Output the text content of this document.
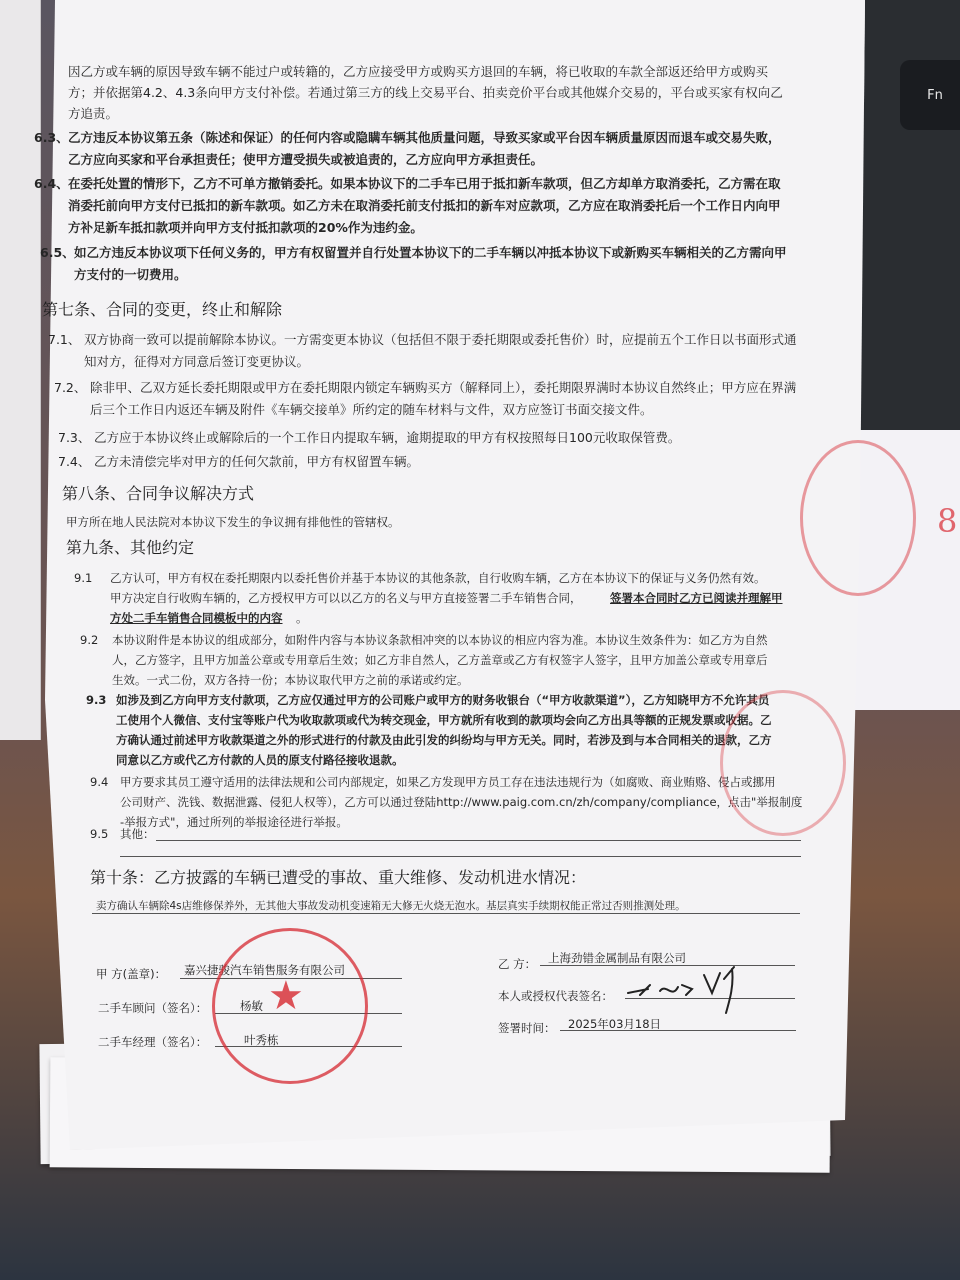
Fn
8
因乙方或车辆的原因导致车辆不能过户或转籍的，乙方应接受甲方或购买方退回的车辆，将已收取的车款全部返还给甲方或购买
方；并依据第4.2、4.3条向甲方支付补偿。若通过第三方的线上交易平台、拍卖竞价平台或其他媒介交易的，平台或买家有权向乙
方追责。
6.3、 乙方违反本协议第五条（陈述和保证）的任何内容或隐瞒车辆其他质量问题，导致买家或平台因车辆质量原因而退车或交易失败，
乙方应向买家和平台承担责任；使甲方遭受损失或被追责的，乙方应向甲方承担责任。
6.4、 在委托处置的情形下，乙方不可单方撤销委托。如果本协议下的二手车已用于抵扣新车款项，但乙方却单方取消委托，乙方需在取
消委托前向甲方支付已抵扣的新车款项。如乙方未在取消委托前支付抵扣的新车对应款项，乙方应在取消委托后一个工作日内向甲
方补足新车抵扣款项并向甲方支付抵扣款项的20%作为违约金。
6.5、 如乙方违反本协议项下任何义务的，甲方有权留置并自行处置本协议下的二手车辆以冲抵本协议下或新购买车辆相关的乙方需向甲
方支付的一切费用。
第七条、合同的变更，终止和解除
7.1、 双方协商一致可以提前解除本协议。一方需变更本协议（包括但不限于委托期限或委托售价）时，应提前五个工作日以书面形式通
知对方，征得对方同意后签订变更协议。
7.2、 除非甲、乙双方延长委托期限或甲方在委托期限内锁定车辆购买方（解释同上），委托期限界满时本协议自然终止；甲方应在界满
后三个工作日内返还车辆及附件《车辆交接单》所约定的随车材料与文件，双方应签订书面交接文件。
7.3、 乙方应于本协议终止或解除后的一个工作日内提取车辆，逾期提取的甲方有权按照每日100元收取保管费。
7.4、 乙方未清偿完毕对甲方的任何欠款前，甲方有权留置车辆。
第八条、合同争议解决方式
甲方所在地人民法院对本协议下发生的争议拥有排他性的管辖权。
第九条、其他约定
9.1 乙方认可，甲方有权在委托期限内以委托售价并基于本协议的其他条款，自行收购车辆，乙方在本协议下的保证与义务仍然有效。
甲方决定自行收购车辆的，乙方授权甲方可以以乙方的名义与甲方直接签署二手车销售合同， 签署本合同时乙方已阅读并理解甲
方处二手车销售合同模板中的内容 。
9.2 本协议附件是本协议的组成部分，如附件内容与本协议条款相冲突的以本协议的相应内容为准。本协议生效条件为：如乙方为自然
人，乙方签字，且甲方加盖公章或专用章后生效；如乙方非自然人，乙方盖章或乙方有权签字人签字，且甲方加盖公章或专用章后
生效。一式二份，双方各持一份；本协议取代甲方之前的承诺或约定。
9.3 如涉及到乙方向甲方支付款项，乙方应仅通过甲方的公司账户或甲方的财务收银台（“甲方收款渠道”），乙方知晓甲方不允许其员
工使用个人微信、支付宝等账户代为收取款项或代为转交现金，甲方就所有收到的款项均会向乙方出具等额的正规发票或收据。乙
方确认通过前述甲方收款渠道之外的形式进行的付款及由此引发的纠纷均与甲方无关。同时，若涉及到与本合同相关的退款，乙方
同意以乙方或代乙方付款的人员的原支付路径接收退款。
9.4 甲方要求其员工遵守适用的法律法规和公司内部规定，如果乙方发现甲方员工存在违法违规行为（如腐败、商业贿赂、侵占或挪用
公司财产、洗钱、数据泄露、侵犯人权等），乙方可以通过登陆http://www.paig.com.cn/zh/company/compliance，点击"举报制度
-举报方式"，通过所列的举报途径进行举报。
9.5 其他：
第十条：乙方披露的车辆已遭受的事故、重大维修、发动机进水情况：
卖方确认车辆除4s店维修保养外，无其他大事故发动机变速箱无大修无火烧无泡水。基层真实手续期权能正常过否则推测处理。
甲 方(盖章)： 嘉兴捷骏汽车销售服务有限公司
二手车顾问（签名）：	杨敏
二手车经理（签名）：	叶秀栋
乙 方： 上海劲错金属制品有限公司
本人或授权代表签名：
签署时间： 2025年03月18日
★
